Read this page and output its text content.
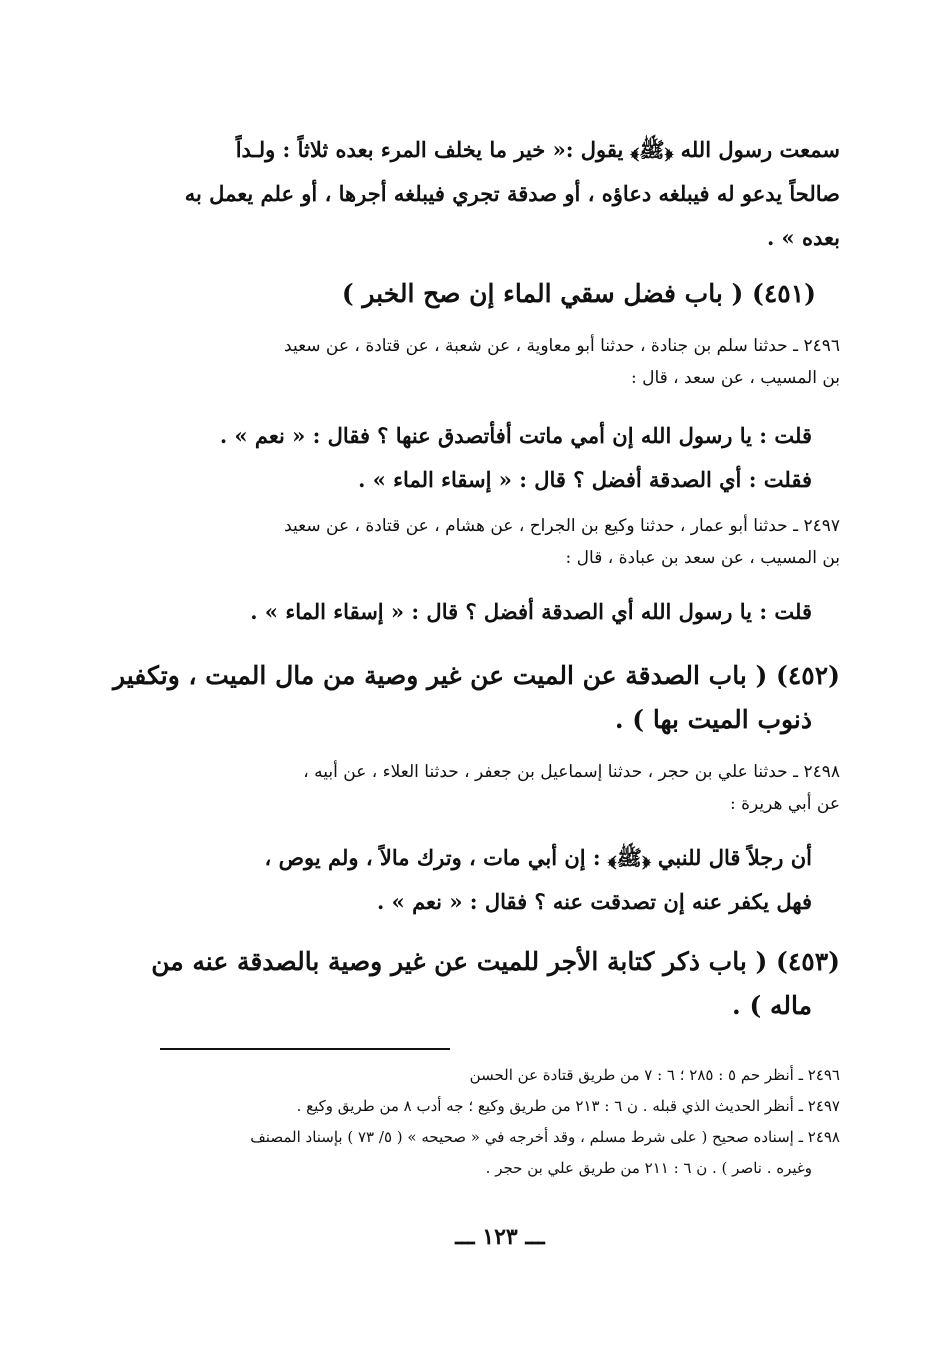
سمعت رسول الله ﴿ﷺ﴾ يقول :« خير ما يخلف المرء بعده ثلاثاً : ولـداً
صالحاً يدعو له فيبلغه دعاؤه ، أو صدقة تجري فيبلغه أجرها ، أو علم يعمل به
بعده » .
(٤٥١) ( باب فضل سقي الماء إن صح الخبر )
٢٤٩٦ ـ حدثنا سلم بن جنادة ، حدثنا أبو معاوية ، عن شعبة ، عن قتادة ، عن سعيد
بن المسيب ، عن سعد ، قال :
قلت : يا رسول الله إن أمي ماتت أفأتصدق عنها ؟ فقال : « نعم » .
فقلت : أي الصدقة أفضل ؟ قال : « إسقاء الماء » .
٢٤٩٧ ـ حدثنا أبو عمار ، حدثنا وكيع بن الجراح ، عن هشام ، عن قتادة ، عن سعيد
بن المسيب ، عن سعد بن عبادة ، قال :
قلت : يا رسول الله أي الصدقة أفضل ؟ قال : « إسقاء الماء » .
(٤٥٢) ( باب الصدقة عن الميت عن غير وصية من مال الميت ، وتكفير
ذنوب الميت بها ) .
٢٤٩٨ ـ حدثنا علي بن حجر ، حدثنا إسماعيل بن جعفر ، حدثنا العلاء ، عن أبيه ،
عن أبي هريرة :
أن رجلاً قال للنبي ﴿ﷺ﴾ : إن أبي مات ، وترك مالاً ، ولم يوص ،
فهل يكفر عنه إن تصدقت عنه ؟ فقال : « نعم » .
(٤٥٣) ( باب ذكر كتابة الأجر للميت عن غير وصية بالصدقة عنه من
ماله ) .
٢٤٩٦ ـ أنظر حم ٥ : ٢٨٥ ؛ ٦ : ٧ من طريق قتادة عن الحسن
٢٤٩٧ ـ أنظر الحديث الذي قبله . ن ٦ : ٢١٣ من طريق وكيع ؛ جه أدب ٨ من طريق وكيع .
٢٤٩٨ ـ إسناده صحيح ( على شرط مسلم ، وقد أخرجه في « صحيحه » ( ٥/ ٧٣ ) بإسناد المصنف
وغيره . ناصر ) . ن ٦ : ٢١١ من طريق علي بن حجر .
ـــ ١٢٣ ـــ
